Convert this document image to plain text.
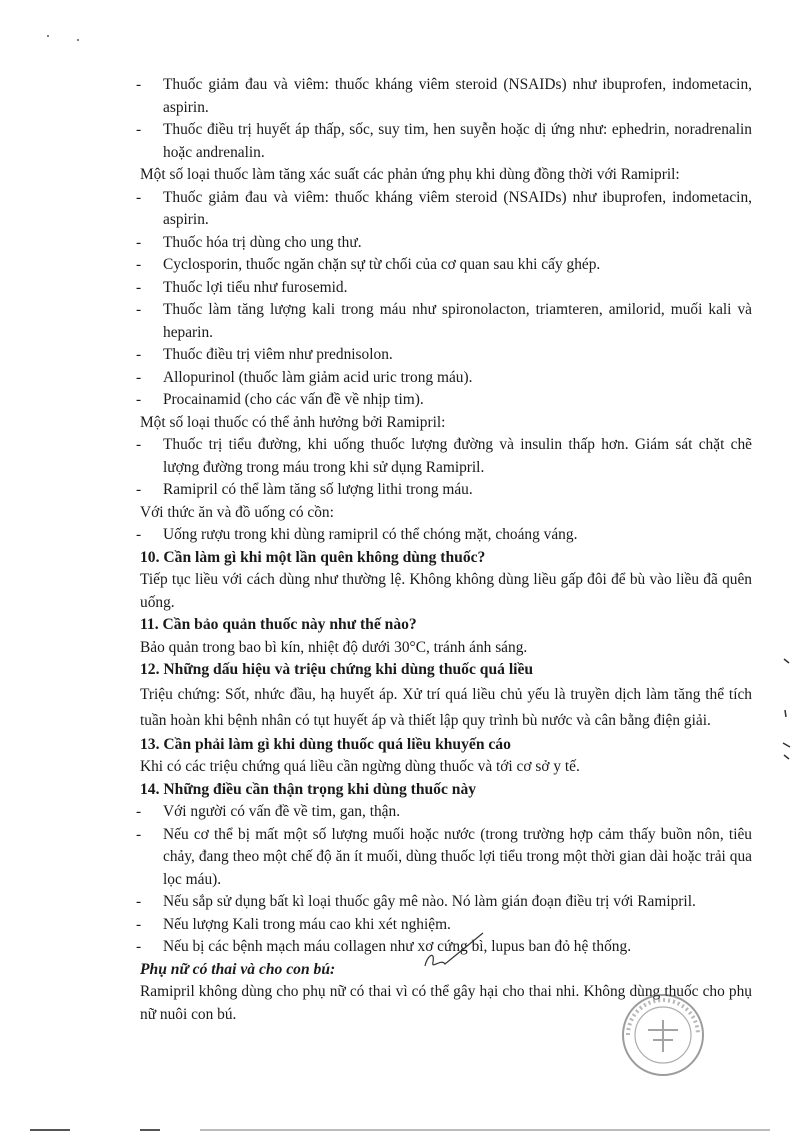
- Thuốc giảm đau và viêm: thuốc kháng viêm steroid (NSAIDs) như ibuprofen, indometacin, aspirin.
- Thuốc điều trị huyết áp thấp, sốc, suy tim, hen suyễn hoặc dị ứng như: ephedrin, noradrenalin hoặc andrenalin.

Một số loại thuốc làm tăng xác suất các phản ứng phụ khi dùng đồng thời với Ramipril:

- Thuốc giảm đau và viêm: thuốc kháng viêm steroid (NSAIDs) như ibuprofen, indometacin, aspirin.
- Thuốc hóa trị dùng cho ung thư.
- Cyclosporin, thuốc ngăn chặn sự từ chối của cơ quan sau khi cấy ghép.
- Thuốc lợi tiểu như furosemid.
- Thuốc làm tăng lượng kali trong máu như spironolacton, triamteren, amilorid, muối kali và heparin.
- Thuốc điều trị viêm như prednisolon.
- Allopurinol (thuốc làm giảm acid uric trong máu).
- Procainamid (cho các vấn đề về nhịp tim).

Một số loại thuốc có thể ảnh hưởng bởi Ramipril:

- Thuốc trị tiểu đường, khi uống thuốc lượng đường và insulin thấp hơn. Giám sát chặt chẽ lượng đường trong máu trong khi sử dụng Ramipril.
- Ramipril có thể làm tăng số lượng lithi trong máu.

Với thức ăn và đồ uống có cồn:

- Uống rượu trong khi dùng ramipril có thể chóng mặt, choáng váng.
10. Cần làm gì khi một lần quên không dùng thuốc?

Tiếp tục liều với cách dùng như thường lệ. Không không dùng liều gấp đôi để bù vào liều đã quên uống.

11. Cần bảo quản thuốc này như thế nào?

Bảo quản trong bao bì kín, nhiệt độ dưới 30°C, tránh ánh sáng.

12. Những dấu hiệu và triệu chứng khi dùng thuốc quá liều

Triệu chứng: Sốt, nhức đầu, hạ huyết áp. Xử trí quá liều chủ yếu là truyền dịch làm tăng thể tích tuần hoàn khi bệnh nhân có tụt huyết áp và thiết lập quy trình bù nước và cân bằng điện giải.

13. Cần phải làm gì khi dùng thuốc quá liều khuyến cáo

Khi có các triệu chứng quá liều cần ngừng dùng thuốc và tới cơ sở y tế.

14. Những điều cần thận trọng khi dùng thuốc này
- Với người có vấn đề về tim, gan, thận.
- Nếu cơ thể bị mất một số lượng muối hoặc nước (trong trường hợp cảm thấy buồn nôn, tiêu chảy, đang theo một chế độ ăn ít muối, dùng thuốc lợi tiểu trong một thời gian dài hoặc trải qua lọc máu).
- Nếu sắp sử dụng bất kì loại thuốc gây mê nào. Nó làm gián đoạn điều trị với Ramipril.
- Nếu lượng Kali trong máu cao khi xét nghiệm.
- Nếu bị các bệnh mạch máu collagen như xơ cứng bì, lupus ban đỏ hệ thống.
Phụ nữ có thai và cho con bú:

Ramipril không dùng cho phụ nữ có thai vì có thể gây hại cho thai nhi. Không dùng thuốc cho phụ nữ nuôi con bú.
